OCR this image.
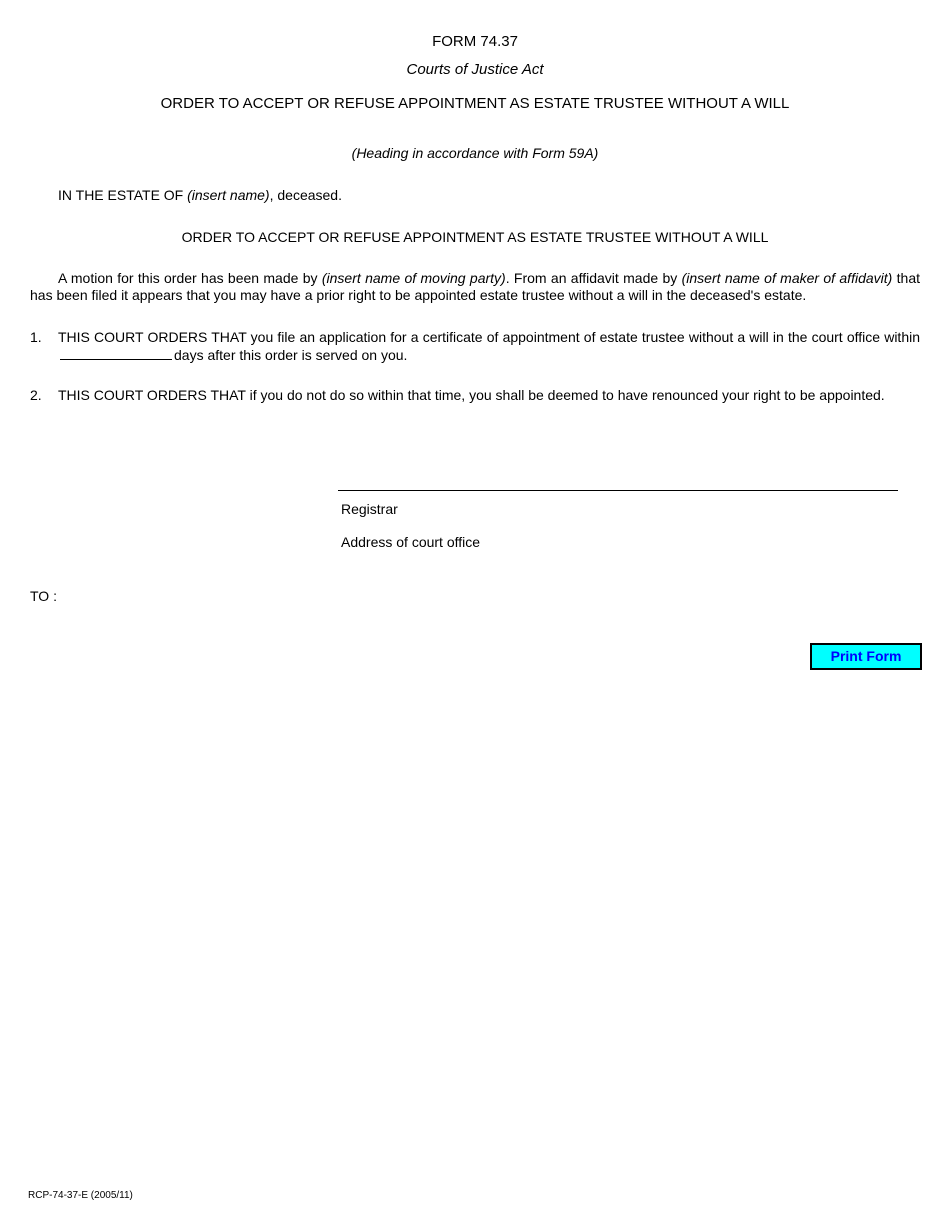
FORM 74.37
Courts of Justice Act
ORDER TO ACCEPT OR REFUSE APPOINTMENT AS ESTATE TRUSTEE WITHOUT A WILL
(Heading in accordance with Form 59A)
IN THE ESTATE OF (insert name), deceased.
ORDER TO ACCEPT OR REFUSE APPOINTMENT AS ESTATE TRUSTEE WITHOUT A WILL
A motion for this order has been made by (insert name of moving party). From an affidavit made by (insert name of maker of affidavit) that has been filed it appears that you may have a prior right to be appointed estate trustee without a will in the deceased's estate.
1. THIS COURT ORDERS THAT you file an application for a certificate of appointment of estate trustee without a will in the court office withindays after this order is served on you.
2. THIS COURT ORDERS THAT if you do not do so within that time, you shall be deemed to have renounced your right to be appointed.
Registrar
Address of court office
TO :
Print Form
RCP-74-37-E (2005/11)
